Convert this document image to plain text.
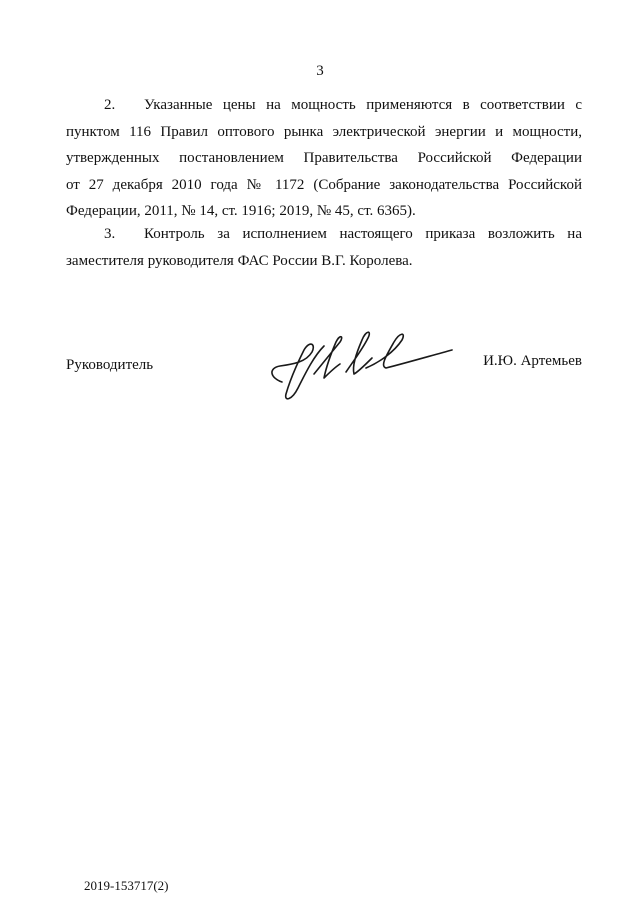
3
2. Указанные цены на мощность применяются в соответствии с
пунктом 116 Правил оптового рынка электрической энергии и мощности,
утвержденных постановлением Правительства Российской Федерации
от 27 декабря 2010 года № 1172 (Собрание законодательства Российской
Федерации, 2011, № 14, ст. 1916; 2019, № 45, ст. 6365).
3. Контроль за исполнением настоящего приказа возложить на
заместителя руководителя ФАС России В.Г. Королева.
Руководитель	И.Ю. Артемьев
2019-153717(2)
